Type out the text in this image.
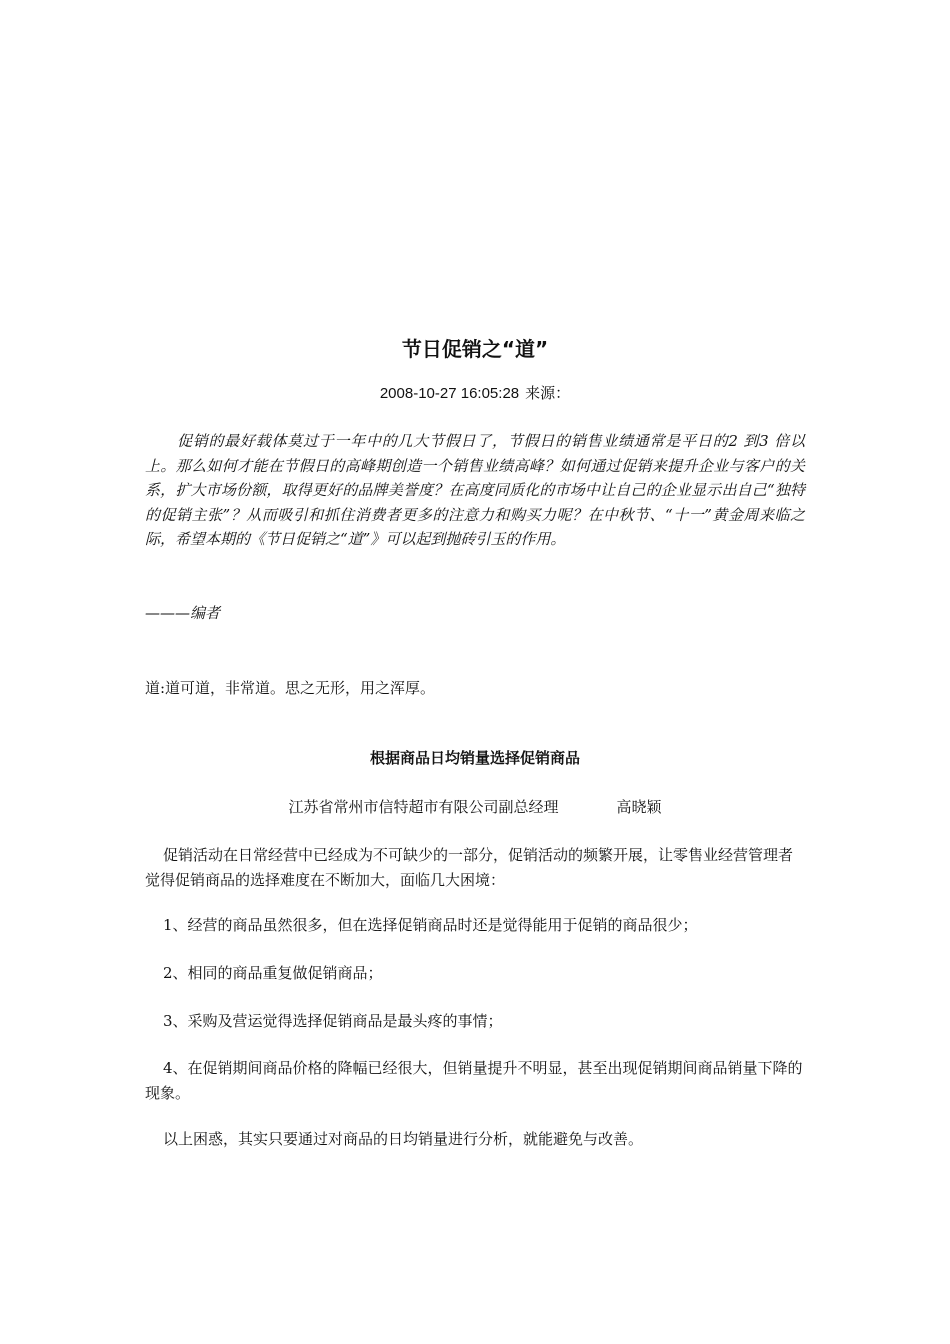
节日促销之“道”
2008-10-27 16:05:28 来源：

促销的最好载体莫过于一年中的几大节假日了，节假日的销售业绩通常是平日的2 到3 倍以上。那么如何才能在节假日的高峰期创造一个销售业绩高峰？如何通过促销来提升企业与客户的关系，扩大市场份额，取得更好的品牌美誉度？在高度同质化的市场中让自己的企业显示出自己“独特的促销主张”？从而吸引和抓住消费者更多的注意力和购买力呢？在中秋节、“十一”黄金周来临之际，希望本期的《节日促销之“道”》可以起到抛砖引玉的作用。

———编者
道:道可道，非常道。思之无形，用之浑厚。
根据商品日均销量选择促销商品
江苏省常州市信特超市有限公司副总经理	高晓颖

促销活动在日常经营中已经成为不可缺少的一部分，促销活动的频繁开展，让零售业经营管理者觉得促销商品的选择难度在不断加大，面临几大困境：

1、经营的商品虽然很多，但在选择促销商品时还是觉得能用于促销的商品很少；

2、相同的商品重复做促销商品；

3、采购及营运觉得选择促销商品是最头疼的事情；

4、在促销期间商品价格的降幅已经很大，但销量提升不明显，甚至出现促销期间商品销量下降的现象。

以上困惑，其实只要通过对商品的日均销量进行分析，就能避免与改善。
